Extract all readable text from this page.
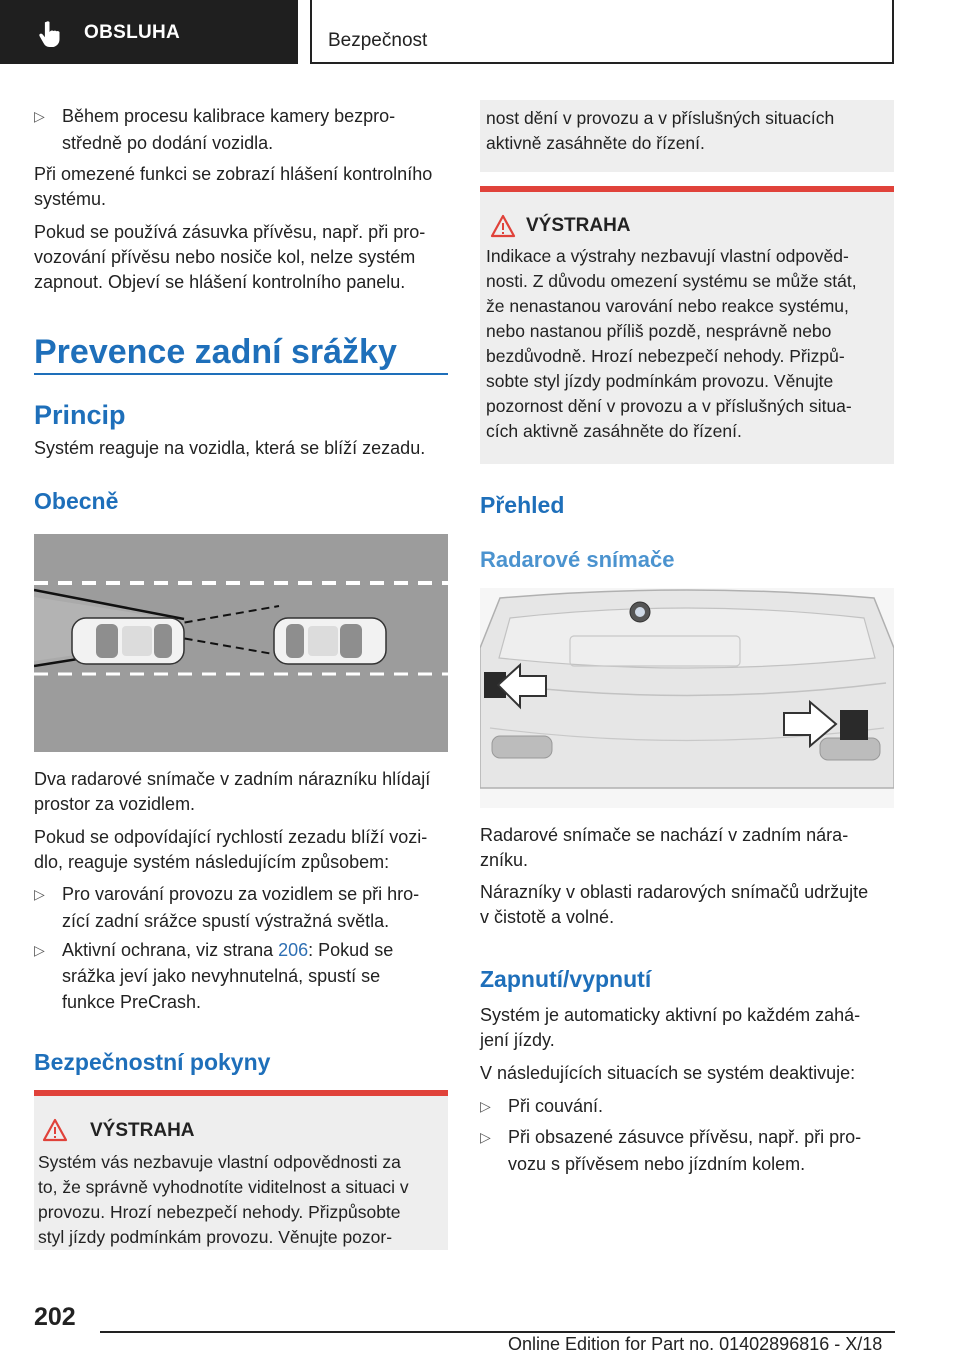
OBSLUHA	Bezpečnost
▷ Během procesu kalibrace kamery bezpro-
středně po dodání vozidla.
Při omezené funkci se zobrazí hlášení kontrolního
systému.
Pokud se používá zásuvka přívěsu, např. při pro-
vozování přívěsu nebo nosiče kol, nelze systém
zapnout. Objeví se hlášení kontrolního panelu.
Prevence zadní srážky
Princip
Systém reaguje na vozidla, která se blíží zezadu.
Obecně
Dva radarové snímače v zadním nárazníku hlídají
prostor za vozidlem.
Pokud se odpovídající rychlostí zezadu blíží vozi-
dlo, reaguje systém následujícím způsobem:
▷ Pro varování provozu za vozidlem se při hro-
zící zadní srážce spustí výstražná světla.
▷ Aktivní ochrana, viz strana 206: Pokud se
srážka jeví jako nevyhnutelná, spustí se
funkce PreCrash.
Bezpečnostní pokyny
VÝSTRAHA
Systém vás nezbavuje vlastní odpovědnosti za
to, že správně vyhodnotíte viditelnost a situaci v
provozu. Hrozí nebezpečí nehody. Přizpůsobte
styl jízdy podmínkám provozu. Věnujte pozor-
nost dění v provozu a v příslušných situacích
aktivně zasáhněte do řízení.
VÝSTRAHA
Indikace a výstrahy nezbavují vlastní odpověd-
nosti. Z důvodu omezení systému se může stát,
že nenastanou varování nebo reakce systému,
nebo nastanou příliš pozdě, nesprávně nebo
bezdůvodně. Hrozí nebezpečí nehody. Přizpů-
sobte styl jízdy podmínkám provozu. Věnujte
pozornost dění v provozu a v příslušných situa-
cích aktivně zasáhněte do řízení.
Přehled
Radarové snímače
Radarové snímače se nachází v zadním nára-
zníku.
Nárazníky v oblasti radarových snímačů udržujte
v čistotě a volné.
Zapnutí/vypnutí
Systém je automaticky aktivní po každém zahá-
jení jízdy.
V následujících situacích se systém deaktivuje:
▷ Při couvání.
▷ Při obsazené zásuvce přívěsu, např. při pro-
vozu s přívěsem nebo jízdním kolem.
202
Online Edition for Part no. 01402896816 - X/18
